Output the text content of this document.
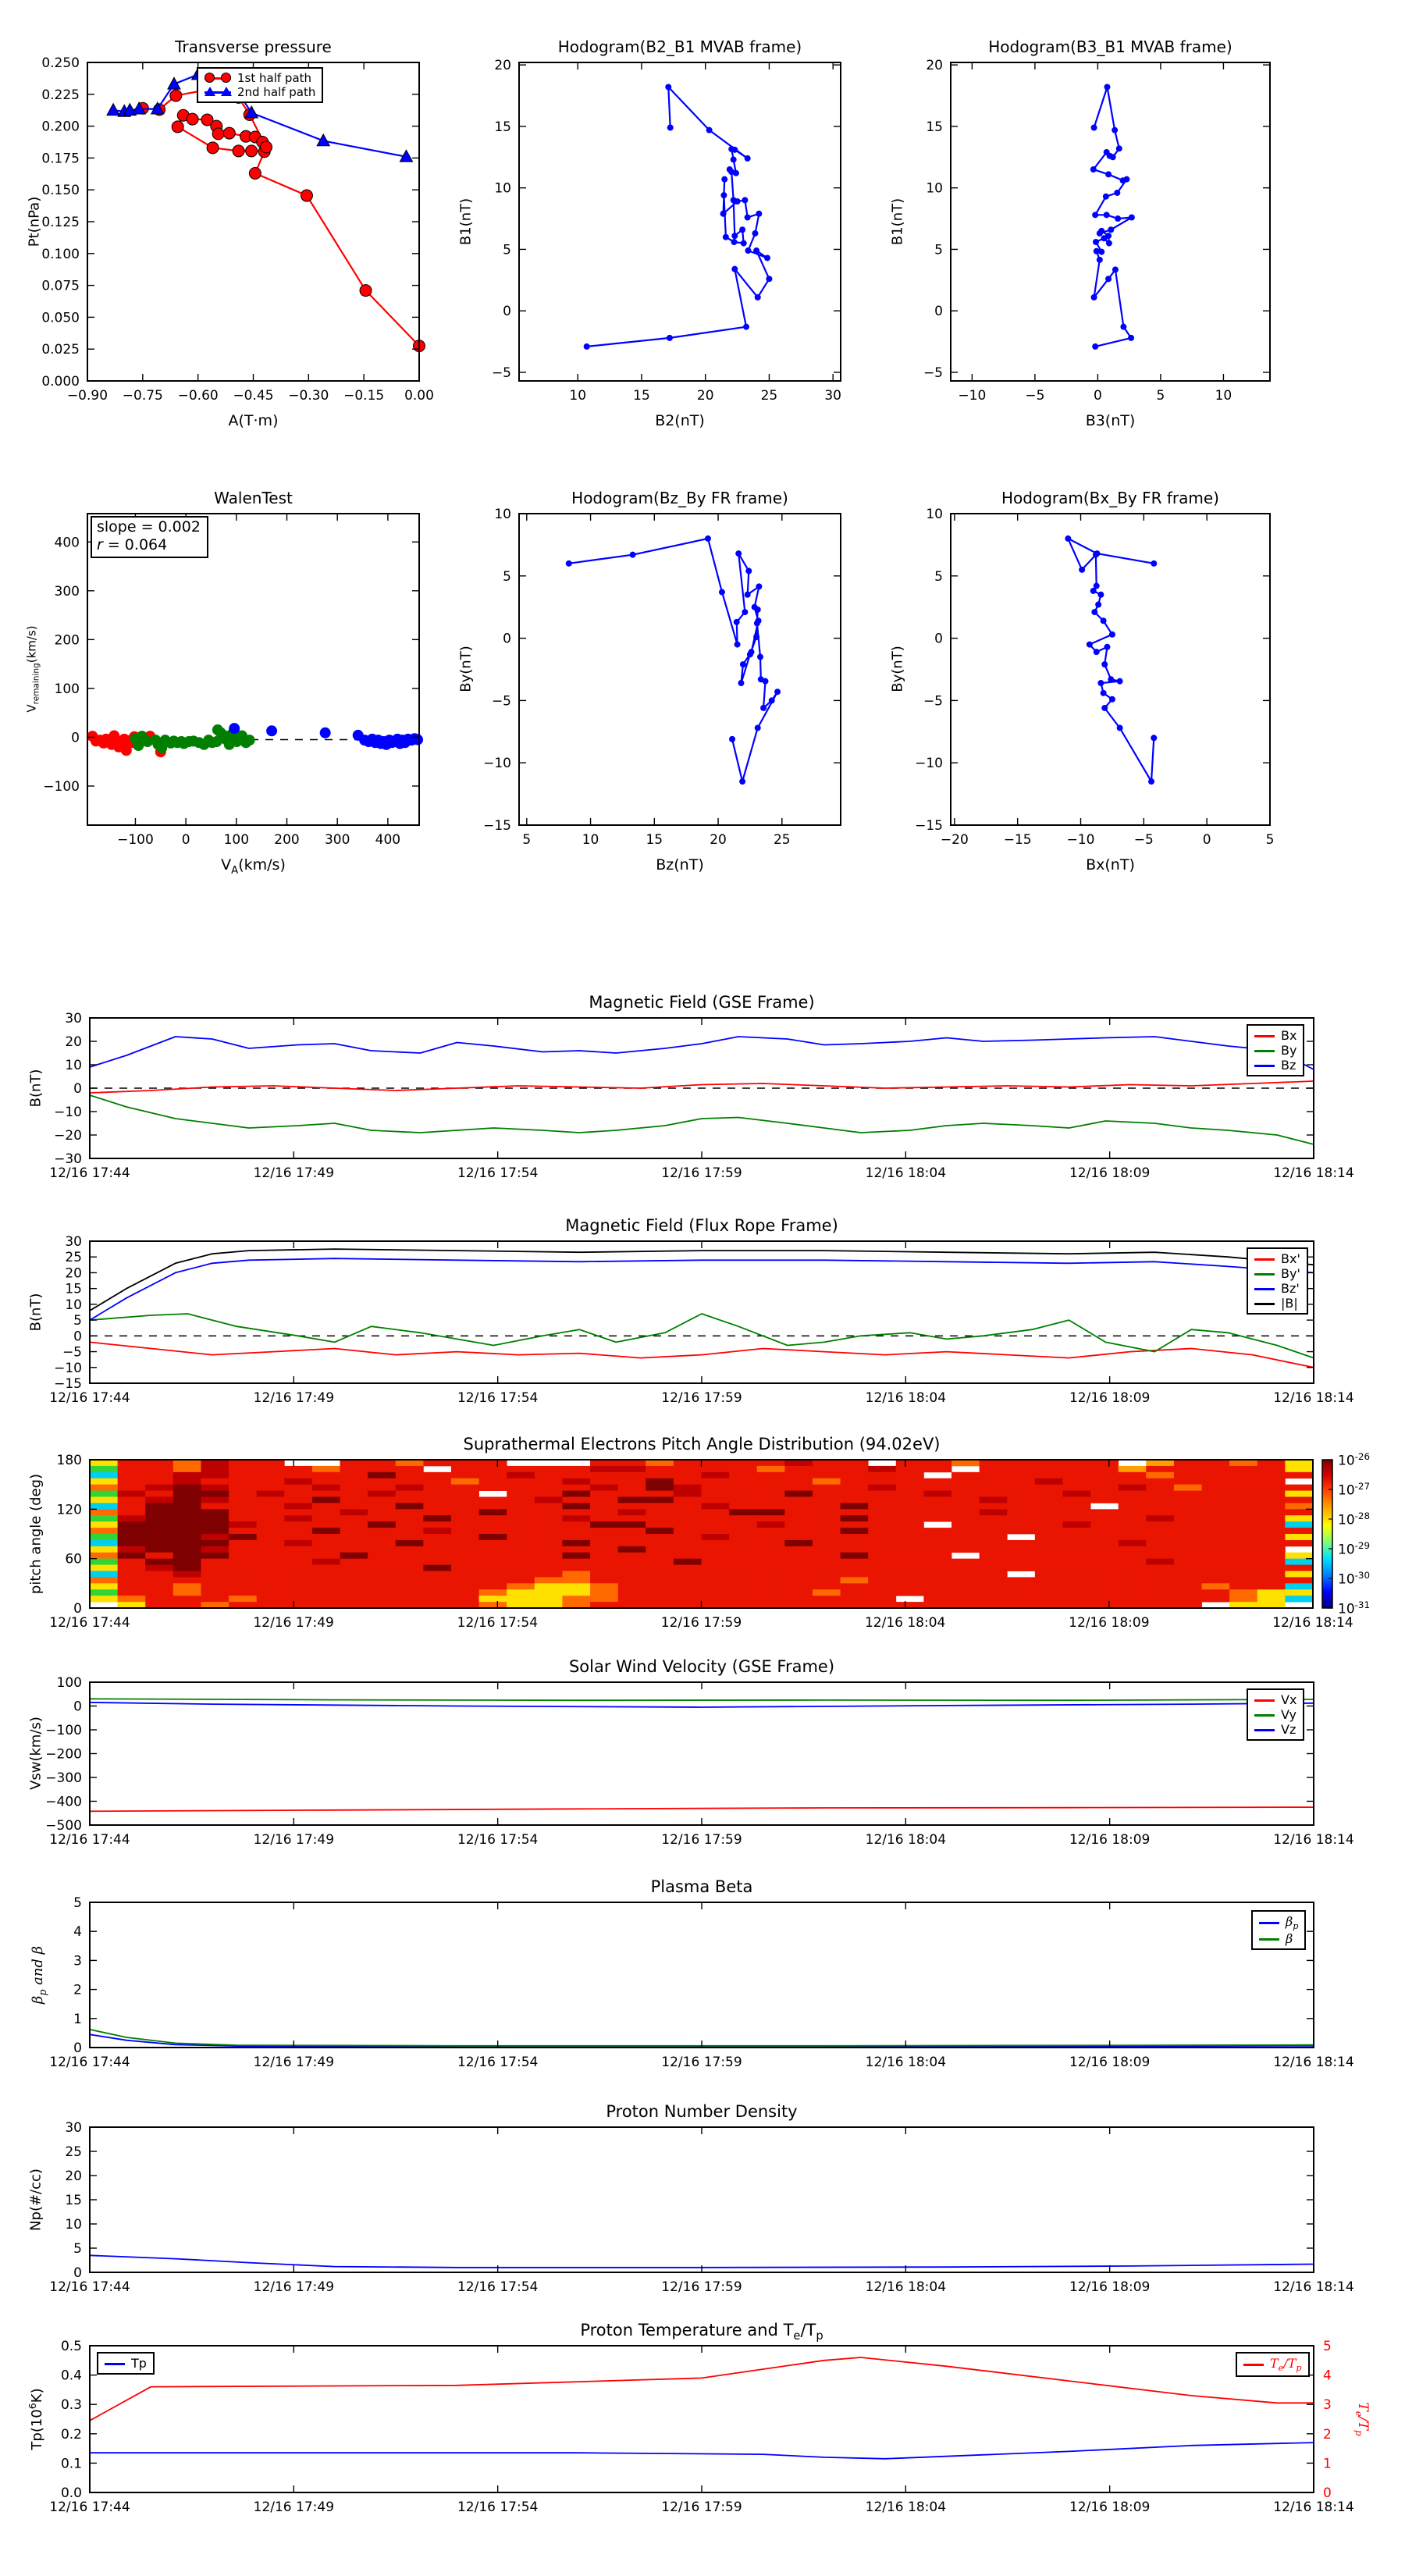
−0.90 −0.75 −0.60 −0.45 −0.30 −0.15 0.00
0.000
0.025
0.050
0.075
0.100
0.125
0.150
0.175
0.200
0.225
0.250
10	15	20	25	30
−5
0
5
10
15
20
−10	−5	0	5	10
−5
0
5
10
15
20
−100 0	100 200 300 400
−100
0
100
200
300
400
5	10	15	20	25
−15
−10
−5
0
5
10
−20	−15	−10	−5	0	5
−15
−10
−5
0
5
10
12/16 17:44	12/16 17:49	12/16 17:54	12/16 17:59	12/16 18:04	12/16 18:09	12/16 18:14
−30
−20
−10
0
10
20
30
12/16 17:44	12/16 17:49	12/16 17:54	12/16 17:59	12/16 18:04	12/16 18:09	12/16 18:14
−15
−10
−5
0
5
10
15
20
25
30
12/16 17:44	12/16 17:49	12/16 17:54	12/16 17:59	12/16 18:04	12/16 18:09	12/16 18:14
0
60
120
180
12/16 17:44	12/16 17:49	12/16 17:54	12/16 17:59	12/16 18:04	12/16 18:09	12/16 18:14
−500
−400
−300
−200
−100
0
100
12/16 17:44	12/16 17:49	12/16 17:54	12/16 17:59	12/16 18:04	12/16 18:09	12/16 18:14
0
1
2
3
4
5
12/16 17:44	12/16 17:49	12/16 17:54	12/16 17:59	12/16 18:04	12/16 18:09	12/16 18:14
0
5
10
15
20
25
30
12/16 17:44	12/16 17:49	12/16 17:54	12/16 17:59	12/16 18:04	12/16 18:09	12/16 18:14
0.0
0.1
0.2
0.3
0.4
0.5
0
1
2
3
4
5
Transverse pressure	Hodogram(B2_B1 MVAB frame)	Hodogram(B3_B1 MVAB frame)
WalenTest	Hodogram(Bz_By FR frame)	Hodogram(Bx_By FR frame)
Magnetic Field (GSE Frame)
Magnetic Field (Flux Rope Frame)
Suprathermal Electrons Pitch Angle Distribution (94.02eV)
Solar Wind Velocity (GSE Frame)
Plasma Beta
Proton Number Density
Proton Temperature and $T_e/T_p$
A(T·m)	B2(nT)	B3(nT)
$V_A(km/s)$	Bz(nT)	Bx(nT)
Pt(nPa)	B1(nT)	B1(nT)
$V_{remaining}(km/s)$
By(nT)	By(nT)
B(nT)
B(nT)
pitch angle (deg)
Vsw(km/s)
$\beta_p$ and β
Np(#/cc)
$Tp(10^6K)$
$T_e/T_p$
slope = 0.002
r = 0.064
$10^{-26}$
$10^{-27}$
$10^{-28}$
$10^{-29}$
$10^{-30}$
$10^{-31}$
1st half path
2nd half path
Bx
By
Bz
Bx'
By'
Bz'
|B|
Vx
Vy
Vz
$\beta_p$
β
Tp	$T_e/T_p$
